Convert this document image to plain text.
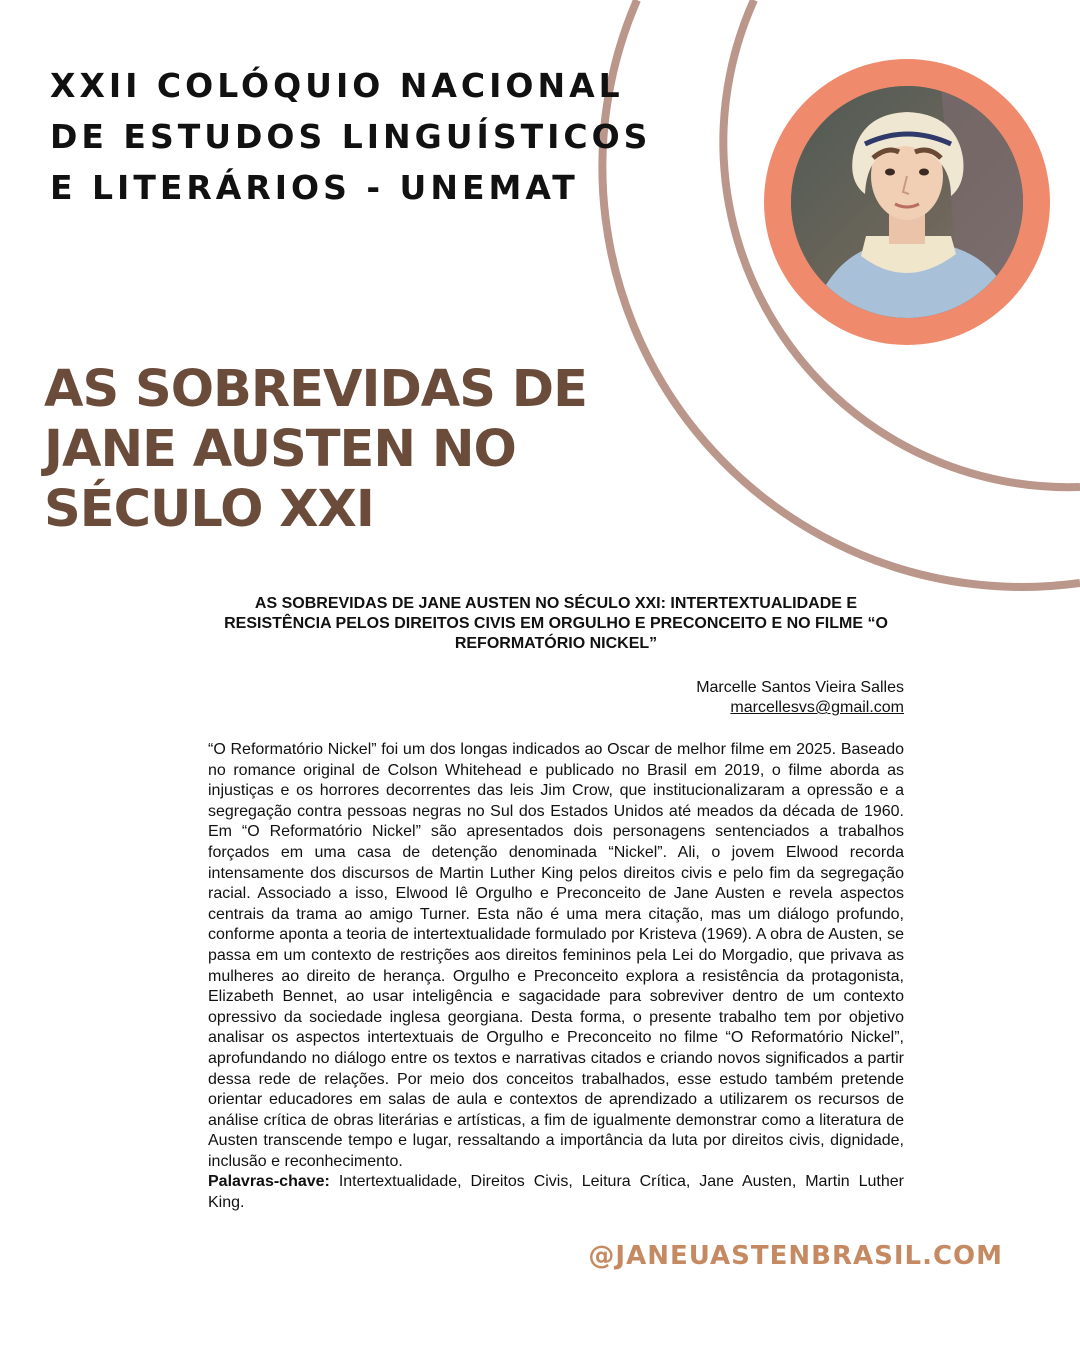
XXII COLÓQUIO NACIONAL
DE ESTUDOS LINGUÍSTICOS
E LITERÁRIOS - UNEMAT
AS SOBREVIDAS DE
JANE AUSTEN NO
SÉCULO XXI
AS SOBREVIDAS DE JANE AUSTEN NO SÉCULO XXI: INTERTEXTUALIDADE E RESISTÊNCIA PELOS DIREITOS CIVIS EM ORGULHO E PRECONCEITO E NO FILME “O REFORMATÓRIO NICKEL”
Marcelle Santos Vieira Salles
marcellesvs@gmail.com

“O Reformatório Nickel” foi um dos longas indicados ao Oscar de melhor filme em 2025. Baseado no romance original de Colson Whitehead e publicado no Brasil em 2019, o filme aborda as injustiças e os horrores decorrentes das leis Jim Crow, que institucionalizaram a opressão e a segregação contra pessoas negras no Sul dos Estados Unidos até meados da década de 1960. Em “O Reformatório Nickel” são apresentados dois personagens sentenciados a trabalhos forçados em uma casa de detenção denominada “Nickel”. Ali, o jovem Elwood recorda intensamente dos discursos de Martin Luther King pelos direitos civis e pelo fim da segregação racial. Associado a isso, Elwood lê Orgulho e Preconceito de Jane Austen e revela aspectos centrais da trama ao amigo Turner. Esta não é uma mera citação, mas um diálogo profundo, conforme aponta a teoria de intertextualidade formulado por Kristeva (1969). A obra de Austen, se passa em um contexto de restrições aos direitos femininos pela Lei do Morgadio, que privava as mulheres ao direito de herança. Orgulho e Preconceito explora a resistência da protagonista, Elizabeth Bennet, ao usar inteligência e sagacidade para sobreviver dentro de um contexto opressivo da sociedade inglesa georgiana. Desta forma, o presente trabalho tem por objetivo analisar os aspectos intertextuais de Orgulho e Preconceito no filme “O Reformatório Nickel”, aprofundando no diálogo entre os textos e narrativas citados e criando novos significados a partir dessa rede de relações. Por meio dos conceitos trabalhados, esse estudo também pretende orientar educadores em salas de aula e contextos de aprendizado a utilizarem os recursos de análise crítica de obras literárias e artísticas, a fim de igualmente demonstrar como a literatura de Austen transcende tempo e lugar, ressaltando a importância da luta por direitos civis, dignidade, inclusão e reconhecimento.

Palavras-chave: Intertextualidade, Direitos Civis, Leitura Crítica, Jane Austen, Martin Luther King.

@JANEUASTENBRASIL.COM
